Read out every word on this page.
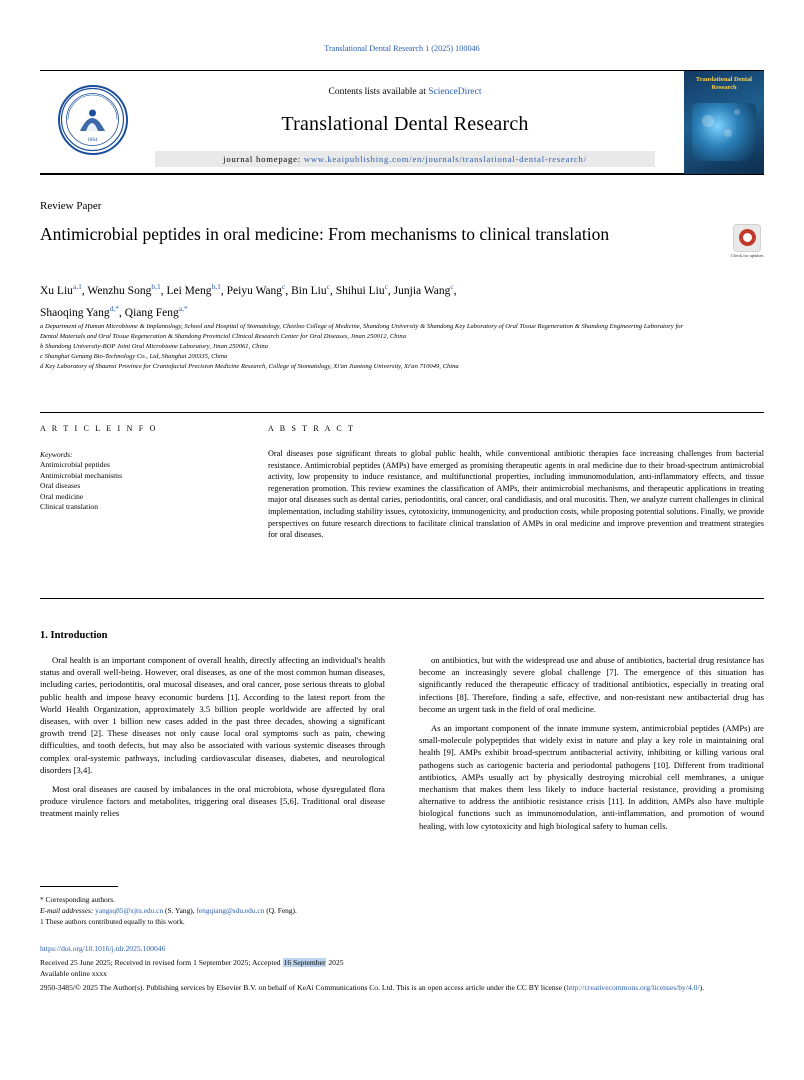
Translational Dental Research 1 (2025) 100046
1864
Contents lists available at ScienceDirect
Translational Dental Research
journal homepage: www.keaipublishing.com/en/journals/translational-dental-research/
Translational Dental Research
Review Paper
Antimicrobial peptides in oral medicine: From mechanisms to clinical translation
Check for updates
Xu Liu$^{a,1}$, Wenzhu Song$^{b,1}$, Lei Meng$^{b,1}$, Peiyu Wang$^c$, Bin Liu$^c$, Shihui Liu$^c$, Junjia Wang$^c$,
Shaoqing Yang$^{d,*}$, Qiang Feng$^{a,*}$
a Department of Human Microbiome & Implantology, School and Hospital of Stomatology, Cheeloo College of Medicine, Shandong University & Shandong Key Laboratory of Oral Tissue Regeneration & Shandong Engineering Laboratory for Dental Materials and Oral Tissue Regeneration & Shandong Provincial Clinical Research Center for Oral Diseases, Jinan 250012, China
b Shandong University-BOP Joint Oral Microbiome Laboratory, Jinan 250061, China
c Shanghai Genang Bio-Technology Co., Ltd, Shanghai 200335, China
d Key Laboratory of Shaanxi Province for Craniofacial Precision Medicine Research, College of Stomatology, Xi'an Jiaotong University, Xi'an 710049, China
A R T I C L E I N F O	A B S T R A C T
Keywords:
Antimicrobial peptides
Antimicrobial mechanisms
Oral diseases
Oral medicine
Clinical translation
Oral diseases pose significant threats to global public health, while conventional antibiotic therapies face increasing challenges from bacterial resistance. Antimicrobial peptides (AMPs) have emerged as promising therapeutic agents in oral medicine due to their broad-spectrum antimicrobial activity, low propensity to induce resistance, and multifunctional properties, including immunomodulation, anti-inflammatory effects, and tissue regeneration promotion. This review examines the classification of AMPs, their antimicrobial mechanisms, and therapeutic applications in treating major oral diseases such as dental caries, periodontitis, oral cancer, oral candidiasis, and oral mucositis. Then, we analyze current challenges in clinical implementation, including stability issues, cytotoxicity, immunogenicity, and production costs, while proposing potential solutions. Finally, we provide perspectives on future research directions to facilitate clinical translation of AMPs in oral medicine and improve prevention and treatment strategies for oral diseases.
1. Introduction

Oral health is an important component of overall health, directly affecting an individual's health status and overall well-being. However, oral diseases, as one of the most common human diseases, including caries, periodontitis, oral mucosal diseases, and oral cancer, pose serious threats to global public health and impose heavy economic burdens [1]. According to the latest report from the World Health Organization, approximately 3.5 billion people worldwide are affected by oral diseases, with over 1 billion new cases added in the past three decades, showing a significant growth trend [2]. These diseases not only cause local oral symptoms such as pain, chewing difficulties, and tooth defects, but may also be associated with various systemic diseases through complex oral-systemic pathways, including cardiovascular diseases, diabetes, and neurological disorders [3,4].

Most oral diseases are caused by imbalances in the oral microbiota, whose dysregulated flora produce virulence factors and metabolites, triggering oral diseases [5,6]. Traditional oral disease treatment mainly relies

on antibiotics, but with the widespread use and abuse of antibiotics, bacterial drug resistance has become an increasingly severe global challenge [7]. The emergence of this situation has significantly reduced the therapeutic efficacy of traditional antibiotics, especially in treating oral infections [8]. Therefore, finding a safe, effective, and non-resistant new antibacterial drug has become an urgent task in the field of oral medicine.

As an important component of the innate immune system, antimicrobial peptides (AMPs) are small-molecule polypeptides that widely exist in nature and play a key role in maintaining oral health [9]. AMPs exhibit broad-spectrum antibacterial activity, inhibiting or killing various oral pathogens such as cariogenic bacteria and periodontal pathogens [10]. Different from traditional antibiotics, AMPs usually act by physically destroying microbial cell membranes, a unique mechanism that makes them less likely to induce bacterial resistance, providing a promising alternative to address the antibiotic resistance crisis [11]. In addition, AMPs also have multiple biological functions such as immunomodulation, anti-inflammation, and promotion of wound healing, with low cytotoxicity and high biological safety to human cells.

* Corresponding authors.
E-mail addresses: yangsq85@xjtu.edu.cn (S. Yang), fengqiang@sdu.edu.cn (Q. Feng).
1 These authors contributed equally to this work.
https://doi.org/10.1016/j.tdr.2025.100046
Received 25 June 2025; Received in revised form 1 September 2025; Accepted 16 September 2025
Available online xxxx
2950-3485/© 2025 The Author(s). Publishing services by Elsevier B.V. on behalf of KeAi Communications Co. Ltd. This is an open access article under the CC BY license (http://creativecommons.org/licenses/by/4.0/).
